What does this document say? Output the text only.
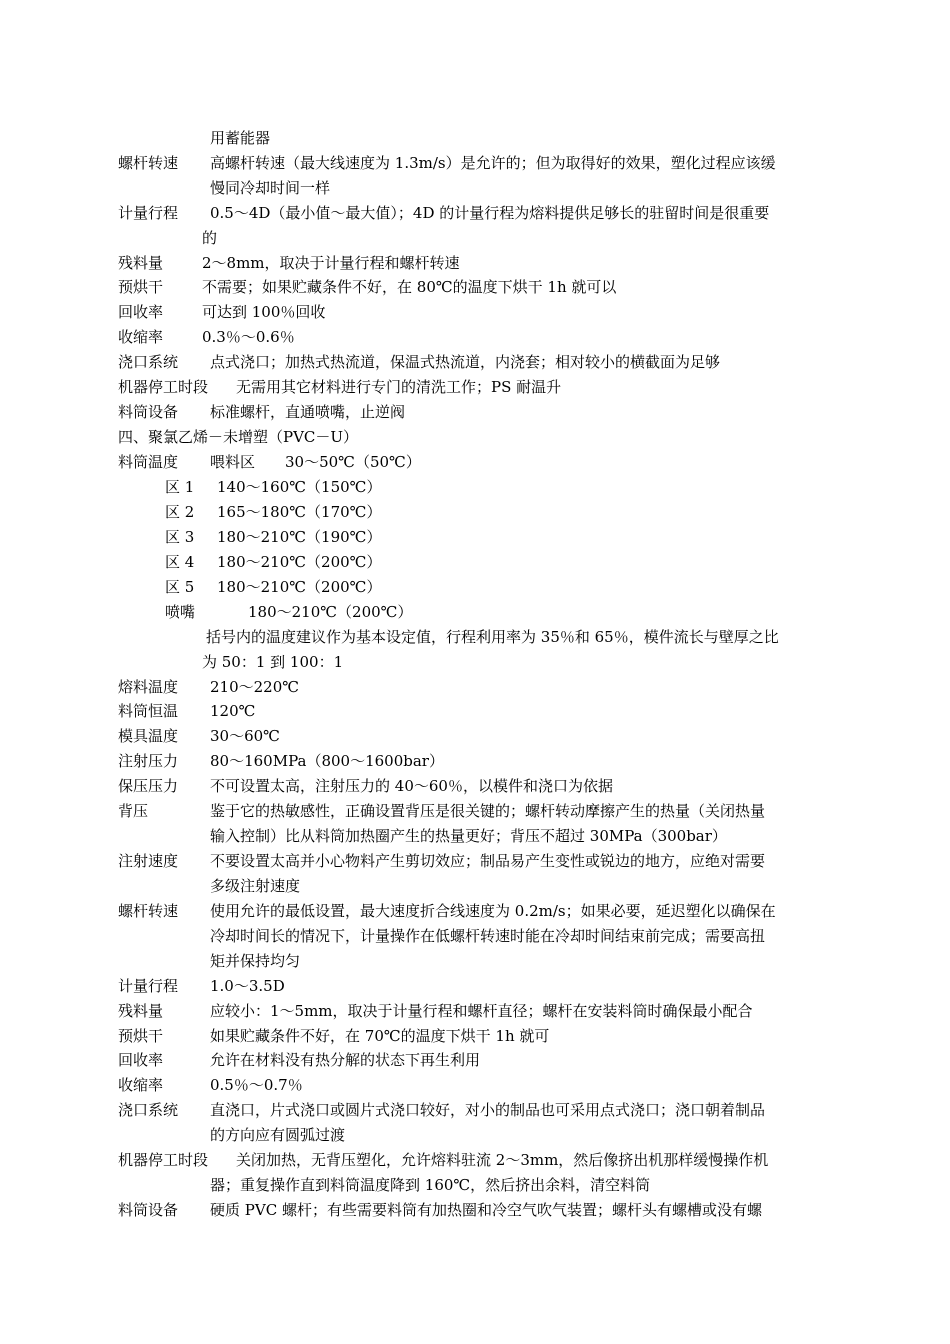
用蓄能器
螺杆转速 高螺杆转速（最大线速度为 1.3m/s）是允许的；但为取得好的效果，塑化过程应该缓
慢同冷却时间一样
计量行程 0.5～4D（最小值～最大值）；4D 的计量行程为熔料提供足够长的驻留时间是很重要
的
残料量	2～8mm，取决于计量行程和螺杆转速
预烘干	不需要；如果贮藏条件不好，在 80℃的温度下烘干 1h 就可以
回收率	可达到 100％回收
收缩率	0.3％～0.6％
浇口系统 点式浇口；加热式热流道，保温式热流道，内浇套；相对较小的横截面为足够
机器停工时段 无需用其它材料进行专门的清洗工作；PS 耐温升
料筒设备 标准螺杆，直通喷嘴，止逆阀
四、聚氯乙烯－未增塑（PVC－U）
料筒温度 喂料区 30～50℃（50℃）
区 1 140～160℃（150℃）
区 2 165～180℃（170℃）
区 3 180～210℃（190℃）
区 4 180～210℃（200℃）
区 5 180～210℃（200℃）
喷嘴	180～210℃（200℃）
括号内的温度建议作为基本设定值，行程利用率为 35％和 65％，模件流长与壁厚之比
为 50：1 到 100：1
熔料温度 210～220℃
料筒恒温 120℃
模具温度 30～60℃
注射压力 80～160MPa（800～1600bar）
保压压力 不可设置太高，注射压力的 40～60％，以模件和浇口为依据
背压	鉴于它的热敏感性，正确设置背压是很关键的；螺杆转动摩擦产生的热量（关闭热量
输入控制）比从料筒加热圈产生的热量更好；背压不超过 30MPa（300bar）
注射速度 不要设置太高并小心物料产生剪切效应；制品易产生变性或锐边的地方，应绝对需要
多级注射速度
螺杆转速 使用允许的最低设置，最大速度折合线速度为 0.2m/s；如果必要，延迟塑化以确保在
冷却时间长的情况下，计量操作在低螺杆转速时能在冷却时间结束前完成；需要高扭
矩并保持均匀
计量行程 1.0～3.5D
残料量	应较小：1～5mm，取决于计量行程和螺杆直径；螺杆在安装料筒时确保最小配合
预烘干	如果贮藏条件不好，在 70℃的温度下烘干 1h 就可
回收率	允许在材料没有热分解的状态下再生利用
收缩率	0.5％～0.7％
浇口系统 直浇口，片式浇口或圆片式浇口较好，对小的制品也可采用点式浇口；浇口朝着制品
的方向应有圆弧过渡
机器停工时段 关闭加热，无背压塑化，允许熔料驻流 2～3mm，然后像挤出机那样缓慢操作机
器；重复操作直到料筒温度降到 160℃，然后挤出余料，清空料筒
料筒设备 硬质 PVC 螺杆；有些需要料筒有加热圈和冷空气吹气装置；螺杆头有螺槽或没有螺
